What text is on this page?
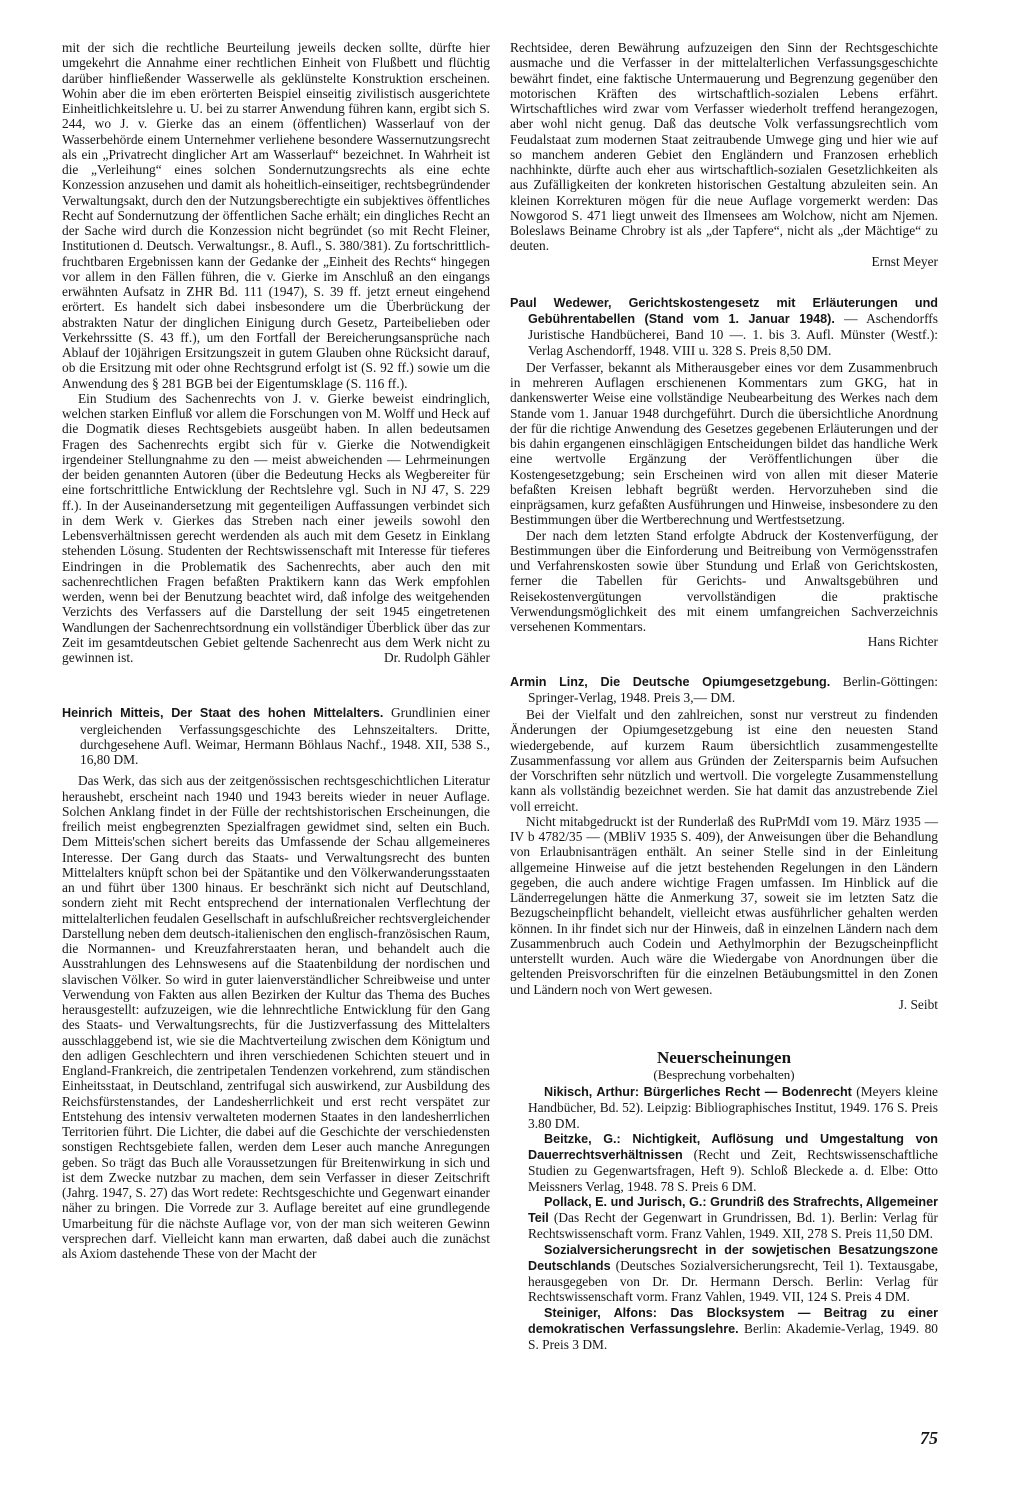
mit der sich die rechtliche Beurteilung jeweils decken sollte, dürfte hier umgekehrt die Annahme einer rechtlichen Einheit von Flußbett und flüchtig darüber hinfließender Wasserwelle als geklünstelte Konstruktion erscheinen. Wohin aber die im eben erörterten Beispiel einseitig zivilistisch ausgerichtete Einheitlichkeitslehre u. U. bei zu starrer Anwendung führen kann, ergibt sich S. 244, wo J. v. Gierke das an einem (öffentlichen) Wasserlauf von der Wasserbehörde einem Unternehmer verliehene besondere Wassernutzungsrecht als ein „Privatrecht dinglicher Art am Wasserlauf“ bezeichnet. In Wahrheit ist die „Verleihung“ eines solchen Sondernutzungsrechts als eine echte Konzession anzusehen und damit als hoheitlich-einseitiger, rechtsbegründender Verwaltungsakt, durch den der Nutzungsberechtigte ein subjektives öffentliches Recht auf Sondernutzung der öffentlichen Sache erhält; ein dingliches Recht an der Sache wird durch die Konzession nicht begründet (so mit Recht Fleiner, Institutionen d. Deutsch. Verwaltungsr., 8. Aufl., S. 380/381). Zu fortschrittlich-fruchtbaren Ergebnissen kann der Gedanke der „Einheit des Rechts“ hingegen vor allem in den Fällen führen, die v. Gierke im Anschluß an den eingangs erwähnten Aufsatz in ZHR Bd. 111 (1947), S. 39 ff. jetzt erneut eingehend erörtert. Es handelt sich dabei insbesondere um die Überbrückung der abstrakten Natur der dinglichen Einigung durch Gesetz, Parteibelieben oder Verkehrssitte (S. 43 ff.), um den Fortfall der Bereicherungsansprüche nach Ablauf der 10jährigen Ersitzungszeit in gutem Glauben ohne Rücksicht darauf, ob die Ersitzung mit oder ohne Rechtsgrund erfolgt ist (S. 92 ff.) sowie um die Anwendung des § 281 BGB bei der Eigentumsklage (S. 116 ff.).

Ein Studium des Sachenrechts von J. v. Gierke beweist eindringlich, welchen starken Einfluß vor allem die Forschungen von M. Wolff und Heck auf die Dogmatik dieses Rechtsgebiets ausgeübt haben. In allen bedeutsamen Fragen des Sachenrechts ergibt sich für v. Gierke die Notwendigkeit irgendeiner Stellungnahme zu den — meist abweichenden — Lehrmeinungen der beiden genannten Autoren (über die Bedeutung Hecks als Wegbereiter für eine fortschrittliche Entwicklung der Rechtslehre vgl. Such in NJ 47, S. 229 ff.). In der Auseinandersetzung mit gegenteiligen Auffassungen verbindet sich in dem Werk v. Gierkes das Streben nach einer jeweils sowohl den Lebensverhältnissen gerecht werdenden als auch mit dem Gesetz in Einklang stehenden Lösung. Studenten der Rechtswissenschaft mit Interesse für tieferes Eindringen in die Problematik des Sachenrechts, aber auch den mit sachenrechtlichen Fragen befaßten Praktikern kann das Werk empfohlen werden, wenn bei der Benutzung beachtet wird, daß infolge des weitgehenden Verzichts des Verfassers auf die Darstellung der seit 1945 eingetretenen Wandlungen der Sachenrechtsordnung ein vollständiger Überblick über das zur Zeit im gesamtdeutschen Gebiet geltende Sachenrecht aus dem Werk nicht zu gewinnen ist.	Dr. Rudolph Gähler

Heinrich Mitteis, Der Staat des hohen Mittelalters. Grundlinien einer vergleichenden Verfassungsgeschichte des Lehnszeitalters. Dritte, durchgesehene Aufl. Weimar, Hermann Böhlaus Nachf., 1948. XII, 538 S., 16,80 DM.

Das Werk, das sich aus der zeitgenössischen rechtsgeschichtlichen Literatur heraushebt, erscheint nach 1940 und 1943 bereits wieder in neuer Auflage. Solchen Anklang findet in der Fülle der rechtshistorischen Erscheinungen, die freilich meist engbegrenzten Spezialfragen gewidmet sind, selten ein Buch. Dem Mitteis'schen sichert bereits das Umfassende der Schau allgemeineres Interesse. Der Gang durch das Staats- und Verwaltungsrecht des bunten Mittelalters knüpft schon bei der Spätantike und den Völkerwanderungsstaaten an und führt über 1300 hinaus. Er beschränkt sich nicht auf Deutschland, sondern zieht mit Recht entsprechend der internationalen Verflechtung der mittelalterlichen feudalen Gesellschaft in aufschlußreicher rechtsvergleichender Darstellung neben dem deutsch-italienischen den englisch-französischen Raum, die Normannen- und Kreuzfahrerstaaten heran, und behandelt auch die Ausstrahlungen des Lehnswesens auf die Staatenbildung der nordischen und slavischen Völker. So wird in guter laienverständlicher Schreibweise und unter Verwendung von Fakten aus allen Bezirken der Kultur das Thema des Buches herausgestellt: aufzuzeigen, wie die lehnrechtliche Entwicklung für den Gang des Staats- und Verwaltungsrechts, für die Justizverfassung des Mittelalters ausschlaggebend ist, wie sie die Machtverteilung zwischen dem Königtum und den adligen Geschlechtern und ihren verschiedenen Schichten steuert und in England-Frankreich, die zentripetalen Tendenzen vorkehrend, zum ständischen Einheitsstaat, in Deutschland, zentrifugal sich auswirkend, zur Ausbildung des Reichsfürstenstandes, der Landesherrlichkeit und erst recht verspätet zur Entstehung des intensiv verwalteten modernen Staates in den landesherrlichen Territorien führt. Die Lichter, die dabei auf die Geschichte der verschiedensten sonstigen Rechtsgebiete fallen, werden dem Leser auch manche Anregungen geben. So trägt das Buch alle Voraussetzungen für Breitenwirkung in sich und ist dem Zwecke nutzbar zu machen, dem sein Verfasser in dieser Zeitschrift (Jahrg. 1947, S. 27) das Wort redete: Rechtsgeschichte und Gegenwart einander näher zu bringen. Die Vorrede zur 3. Auflage bereitet auf eine grundlegende Umarbeitung für die nächste Auflage vor, von der man sich weiteren Gewinn versprechen darf. Vielleicht kann man erwarten, daß dabei auch die zunächst als Axiom dastehende These von der Macht der

Rechtsidee, deren Bewährung aufzuzeigen den Sinn der Rechtsgeschichte ausmache und die Verfasser in der mittelalterlichen Verfassungsgeschichte bewährt findet, eine faktische Untermauerung und Begrenzung gegenüber den motorischen Kräften des wirtschaftlich-sozialen Lebens erfährt. Wirtschaftliches wird zwar vom Verfasser wiederholt treffend herangezogen, aber wohl nicht genug. Daß das deutsche Volk verfassungsrechtlich vom Feudalstaat zum modernen Staat zeitraubende Umwege ging und hier wie auf so manchem anderen Gebiet den Engländern und Franzosen erheblich nachhinkte, dürfte auch eher aus wirtschaftlich-sozialen Gesetzlichkeiten als aus Zufälligkeiten der konkreten historischen Gestaltung abzuleiten sein. An kleinen Korrekturen mögen für die neue Auflage vorgemerkt werden: Das Nowgorod S. 471 liegt unweit des Ilmensees am Wolchow, nicht am Njemen. Boleslaws Beiname Chrobry ist als „der Tapfere“, nicht als „der Mächtige“ zu deuten.

Ernst Meyer

Paul Wedewer, Gerichtskostengesetz mit Erläuterungen und Gebührentabellen (Stand vom 1. Januar 1948). — Aschendorffs Juristische Handbücherei, Band 10 —. 1. bis 3. Aufl. Münster (Westf.): Verlag Aschendorff, 1948. VIII u. 328 S. Preis 8,50 DM.

Der Verfasser, bekannt als Mitherausgeber eines vor dem Zusammenbruch in mehreren Auflagen erschienenen Kommentars zum GKG, hat in dankenswerter Weise eine vollständige Neubearbeitung des Werkes nach dem Stande vom 1. Januar 1948 durchgeführt. Durch die übersichtliche Anordnung der für die richtige Anwendung des Gesetzes gegebenen Erläuterungen und der bis dahin ergangenen einschlägigen Entscheidungen bildet das handliche Werk eine wertvolle Ergänzung der Veröffentlichungen über die Kostengesetzgebung; sein Erscheinen wird von allen mit dieser Materie befaßten Kreisen lebhaft begrüßt werden. Hervorzuheben sind die einprägsamen, kurz gefaßten Ausführungen und Hinweise, insbesondere zu den Bestimmungen über die Wertberechnung und Wertfestsetzung.

Der nach dem letzten Stand erfolgte Abdruck der Kostenverfügung, der Bestimmungen über die Einforderung und Beitreibung von Vermögensstrafen und Verfahrenskosten sowie über Stundung und Erlaß von Gerichtskosten, ferner die Tabellen für Gerichts- und Anwaltsgebühren und Reisekostenvergütungen vervollständigen die praktische Verwendungsmöglichkeit des mit einem umfangreichen Sachverzeichnis versehenen Kommentars.

Hans Richter

Armin Linz, Die Deutsche Opiumgesetzgebung. Berlin-Göttingen: Springer-Verlag, 1948. Preis 3,— DM.

Bei der Vielfalt und den zahlreichen, sonst nur verstreut zu findenden Änderungen der Opiumgesetzgebung ist eine den neuesten Stand wiedergebende, auf kurzem Raum übersichtlich zusammengestellte Zusammenfassung vor allem aus Gründen der Zeitersparnis beim Aufsuchen der Vorschriften sehr nützlich und wertvoll. Die vorgelegte Zusammenstellung kann als vollständig bezeichnet werden. Sie hat damit das anzustrebende Ziel voll erreicht.

Nicht mitabgedruckt ist der Runderlaß des RuPrMdI vom 19. März 1935 — IV b 4782/35 — (MBliV 1935 S. 409), der Anweisungen über die Behandlung von Erlaubnisanträgen enthält. An seiner Stelle sind in der Einleitung allgemeine Hinweise auf die jetzt bestehenden Regelungen in den Ländern gegeben, die auch andere wichtige Fragen umfassen. Im Hinblick auf die Länderregelungen hätte die Anmerkung 37, soweit sie im letzten Satz die Bezugscheinpflicht behandelt, vielleicht etwas ausführlicher gehalten werden können. In ihr findet sich nur der Hinweis, daß in einzelnen Ländern nach dem Zusammenbruch auch Codein und Aethylmorphin der Bezugscheinpflicht unterstellt wurden. Auch wäre die Wiedergabe von Anordnungen über die geltenden Preisvorschriften für die einzelnen Betäubungsmittel in den Zonen und Ländern noch von Wert gewesen.

J. Seibt
Neuerscheinungen
(Besprechung vorbehalten)

Nikisch, Arthur: Bürgerliches Recht — Bodenrecht (Meyers kleine Handbücher, Bd. 52). Leipzig: Bibliographisches Institut, 1949. 176 S. Preis 3.80 DM.

Beitzke, G.: Nichtigkeit, Auflösung und Umgestaltung von Dauerrechtsverhältnissen (Recht und Zeit, Rechtswissenschaftliche Studien zu Gegenwartsfragen, Heft 9). Schloß Bleckede a. d. Elbe: Otto Meissners Verlag, 1948. 78 S. Preis 6 DM.

Pollack, E. und Jurisch, G.: Grundriß des Strafrechts, Allgemeiner Teil (Das Recht der Gegenwart in Grundrissen, Bd. 1). Berlin: Verlag für Rechtswissenschaft vorm. Franz Vahlen, 1949. XII, 278 S. Preis 11,50 DM.

Sozialversicherungsrecht in der sowjetischen Besatzungszone Deutschlands (Deutsches Sozialversicherungsrecht, Teil 1). Textausgabe, herausgegeben von Dr. Dr. Hermann Dersch. Berlin: Verlag für Rechtswissenschaft vorm. Franz Vahlen, 1949. VII, 124 S. Preis 4 DM.

Steiniger, Alfons: Das Blocksystem — Beitrag zu einer demokratischen Verfassungslehre. Berlin: Akademie-Verlag, 1949. 80 S. Preis 3 DM.

75
